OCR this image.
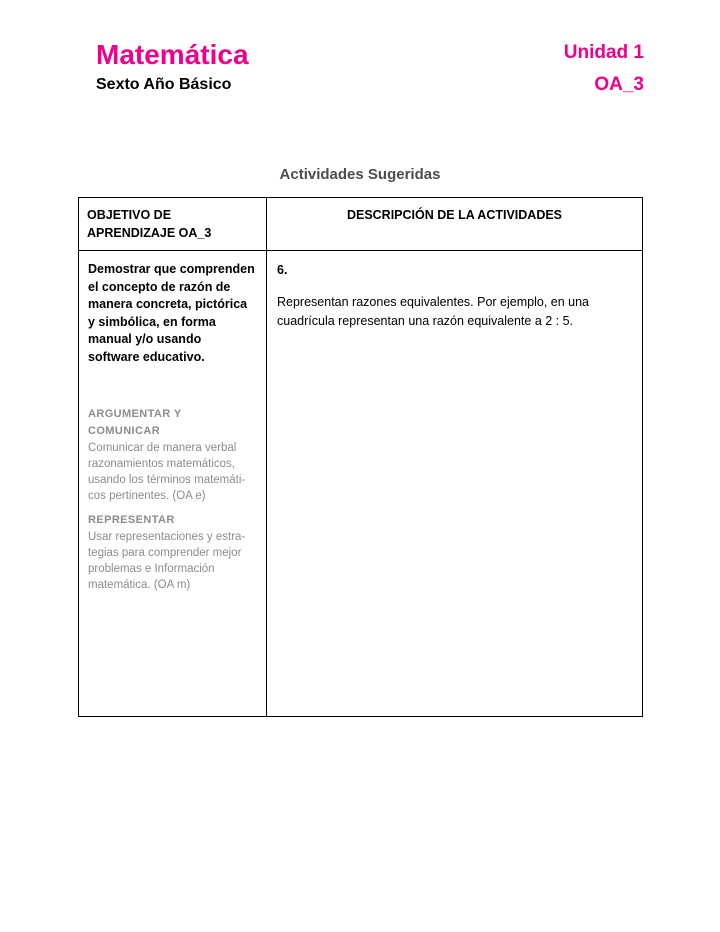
Matemática
Sexto Año Básico
Unidad 1
OA_3
Actividades Sugeridas
OBJETIVO DE APRENDIZAJE OA_3
DESCRIPCIÓN DE LA ACTIVIDADES
Demostrar que comprenden el concepto de razón de manera concreta, pictórica y simbólica, en forma manual y/o usando software educativo.
ARGUMENTAR Y COMUNICAR
Comunicar de manera verbal razonamientos matemáticos, usando los términos matemáti-cos pertinentes. (OA e)
REPRESENTAR
Usar representaciones y estra-tegias para comprender mejor problemas e Información matemática. (OA m)
6.
Representan razones equivalentes. Por ejemplo, en una cuadrícula representan una razón equivalente a 2 : 5.
